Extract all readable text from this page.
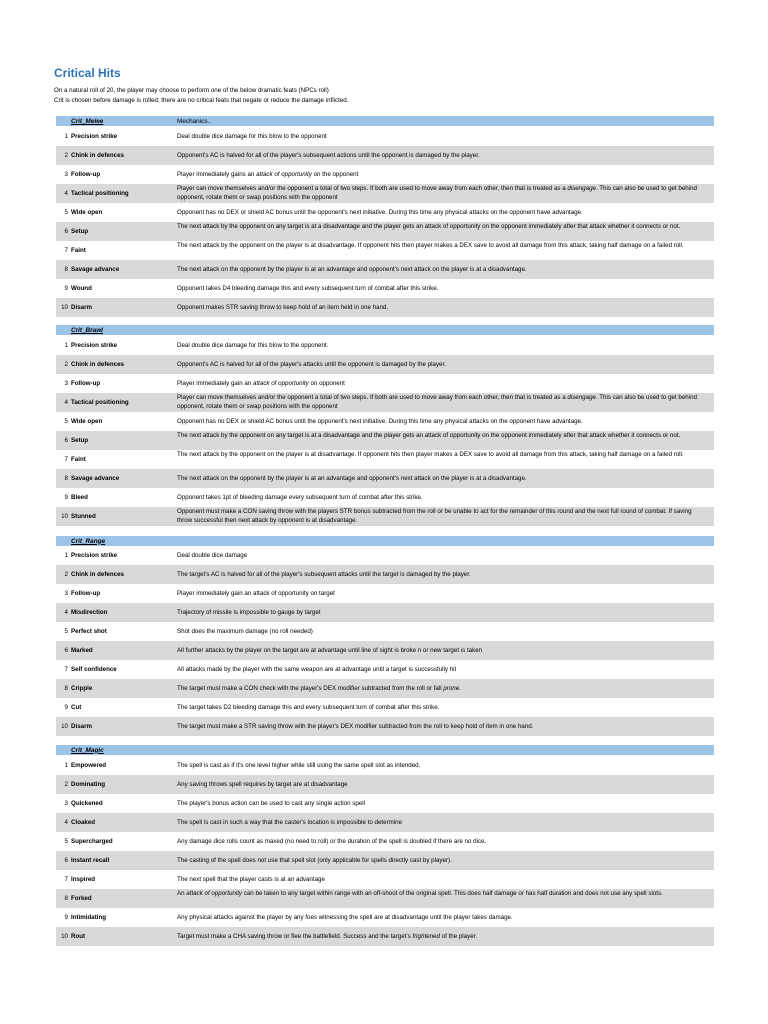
Critical Hits
On a natural roll of 20, the player may choose to perform one of the below dramatic feats (NPCs roll)
Crit is chosen before damage is rolled; there are no critical feats that negate or reduce the damage inflicted.
Crit_Melee	Mechanics..
1 Precision strike	Deal double dice damage for this blow to the opponent
2 Chink in defences	Opponent's AC is halved for all of the player's subsequent actions until the opponent is damaged by the player.
3 Follow-up	Player immediately gains an attack of opportunity on the opponent
4 Tactical positioning
Player can move themselves and/or the opponent a total of two steps. If both are used to move away from each other, then that is treated as a disengage. This can also be used to get behind opponent, rotate them or swap positions with the opponent
5 Wide open	Opponent has no DEX or shield AC bonus until the opponent's next initiative. During this time any physical attacks on the opponent have advantage.
6 Setup
The next attack by the opponent on any target is at a disadvantage and the player gets an attack of opportunity on the opponent immediately after that attack whether it connects or not.
7 Faint
The next attack by the opponent on the player is at disadvantage. If opponent hits then player makes a DEX save to avoid all damage from this attack, taking half damage on a failed roll.
8 Savage advance	The next attack on the opponent by the player is at an advantage and opponent's next attack on the player is at a disadvantage.
9 Wound	Opponent takes D4 bleeding damage this and every subsequent turn of combat after this strike.
10 Disarm	Opponent makes STR saving throw to keep hold of an item held in one hand.
Crit_Brawl
1 Precision strike	Deal double dice damage for this blow to the opponent.
2 Chink in defences	Opponent's AC is halved for all of the player's attacks until the opponent is damaged by the player.
3 Follow-up	Player immediately gain an attack of opportunity on opponent
4 Tactical positioning
Player can move themselves and/or the opponent a total of two steps. If both are used to move away from each other, then that is treated as a disengage. This can also be used to get behind opponent, rotate them or swap positions with the opponent
5 Wide open	Opponent has no DEX or shield AC bonus until the opponent's next initiative. During this time any physical attacks on the opponent have advantage.
6 Setup
The next attack by the opponent on any target is at a disadvantage and the player gets an attack of opportunity on the opponent immediately after that attack whether it connects or not.
7 Faint
The next attack by the opponent on the player is at disadvantage. If opponent hits then player makes a DEX save to avoid all damage from this attack, taking half damage on a failed roll.
8 Savage advance	The next attack on the opponent by the player is at an advantage and opponent's next attack on the player is at a disadvantage.
9 Bleed	Opponent takes 1pt of bleeding damage every subsequent turn of combat after this strike.
10 Stunned
Opponent must make a CON saving throw with the players STR bonus subtracted from the roll or be unable to act for the remainder of this round and the next full round of combat. If saving throw successful then next attack by opponent is at disadvantage.
Crit_Range
1 Precision strike	Deal double dice damage
2 Chink in defences	The target's AC is halved for all of the player's subsequent attacks until the target is damaged by the player.
3 Follow-up	Player immediately gain an attack of opportunity on target
4 Misdirection	Trajectory of missile is impossible to gauge by target
5 Perfect shot	Shot does the maximum damage (no roll needed)
6 Marked	All further attacks by the player on the target are at advantage until line of sight is broke n or new target is taken
7 Self confidence	All attacks made by the player with the same weapon are at advantage until a target is successfully hit
8 Cripple	The target must make a CON check with the player's DEX modifier subtracted from the roll or fall prone.
9 Cut	The target takes D2 bleeding damage this and every subsequent turn of combat after this strike.
10 Disarm	The target must make a STR saving throw with the player's DEX modifier subtracted from the roll to keep hold of item in one hand.
Crit_Magic
1 Empowered	The spell is cast as if it's one level higher while still using the same spell slot as intended.
2 Dominating	Any saving throws spell requires by target are at disadvantage
3 Quickened	The player's bonus action can be used to cast any single action spell
4 Cloaked	The spell is cast in such a way that the caster's location is impossible to determine
5 Supercharged	Any damage dice rolls count as maxed (no need to roll) or the duration of the spell is doubled if there are no dice.
6 Instant recall	The casting of the spell does not use that spell slot (only applicable for spells directly cast by player).
7 Inspired	The next spell that the player casts is at an advantage
8 Forked
An attack of opportunity can be taken to any target within range with an off-shoot of the original spell. This does half damage or has half duration and does not use any spell slots.
9 Intimidating	Any physical attacks against the player by any foes witnessing the spell are at disadvantage until the player takes damage.
10 Rout	Target must make a CHA saving throw or flee the battlefield. Success and the target's frightened of the player.
